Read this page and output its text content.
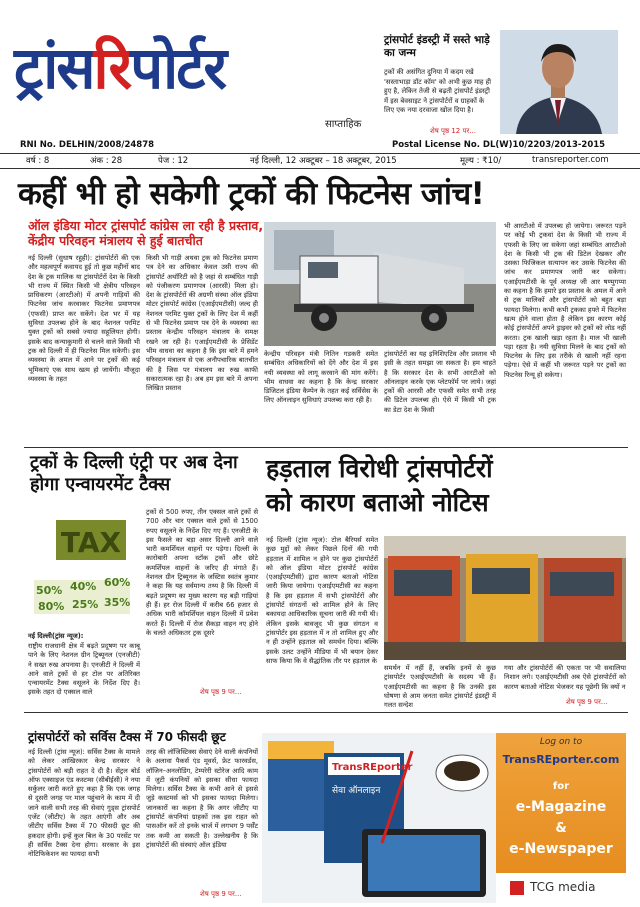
ट्रांसरिपोर्टर
साप्ताहिक
ट्रांसपोर्ट इंडस्ट्री में सस्ते भाड़े का जन्म
ट्रकों की असंगित दुनिया में कदम रखे 'सस्ताभाड़ा डॉट कॉम' को अभी कुछ माह ही हुए है, लेकिन तेजी से बढ़ती ट्रांसपोर्ट इंडस्ट्री में इस बेवसाइट ने ट्रांसपोर्टरों व ग्राहकों के लिए एक नया दरवाजा खोल दिया है।
शेष पृष्ठ 12 पर...
RNI No. DELHIN/2008/24878	Postal License No. DL(W)10/2203/2013-2015
वर्ष : 8	अंक : 28	पेज : 12	नई दिल्ली, 12 अक्टूबर – 18 अक्टूबर, 2015	मूल्य : ₹10/	transreporter.com
कहीं भी हो सकेगी ट्रकों की फिटनेस जांच!
ऑल इंडिया मोटर ट्रांसपोर्ट कांग्रेस ला रही है प्रस्ताव, केंद्रीय परिवहन मंत्रालय से हुई बातचीत
नई दिल्ली (सुधाष रहुही): ट्रांसपोर्टरों की एक और महत्वपूर्ण कवायद हुई तो कुछ महीनों बाद देश के ट्रक मालिक या ट्रांसपोर्टरों देश के किसी भी राज्य में स्थित किसी भी क्षेत्रीय परिवहन प्राधिकरण (आरटीओ) में अपनी गाड़ियों की फिटनेस जांच करवाकर फिटनेस प्रमाणपत्र (एफसी) प्राप्त कर सकेंगे। देश भर में यह सुविधा उपलब्ध होने के बाद नेशनल परमिट युक्त ट्रकों को सबसे ज्यादा सहूलियत होगी। इसके बाद कन्याकुमारी से चलने वाले किसी भी ट्रक को दिल्ली में ही फिटनेस मिल सकेगी। इस व्यवस्था के अमल में आने पर ट्रकों की कई भूमिकाएं एक साथ खत्म हो जायेंगी। मौजूदा व्यवस्था के तहत
किसी भी गाड़ी अथवा ट्रक को फिटनेस प्रमाण पत्र देने का अधिकार केवल उसी राज्य की ट्रांसपोर्ट अथॉरिटी को है जहां से सम्बंधित गाड़ी को पंजीकरण प्रमाणपत्र (आरसी) मिला हो। देश के ट्रांसपोर्टरों की अग्रणी संस्था ऑल इंडिया मोटर ट्रांसपोर्ट कांग्रेस (एआईएमटीसी) जल्द ही नेशनल परमिट युक्त ट्रकों के लिए देश में कहीं से भी फिटनेस प्रमाण पत्र देने के व्यवस्था का प्रस्ताव केन्द्रीय परिवहन मंत्रालय के समक्ष रखने जा रही है। एआईएमटीसी के प्रेसिडेंट भीम वाधवा का कहना है कि इस बारे में हमने परिवहन मंत्रालय से एक अनौपचारिक बातचीत की है जिस पर मंत्रालय का रुख काफी सकारात्मक रहा है। अब हम इस बारे में अपना लिखित प्रस्ताव
केन्द्रीय परिवहन मंत्री नितिन गडकरी समेत सम्बंधित अधिकारियों को देंगे और देश में इस नयी व्यवस्था को लागू करवाने की मांग करेंगे। भीम वाधवा का कहना है कि केन्द्र सरकार डिजिटल इंडिया कैम्पेन के तहत कई सर्विसेस के लिए ऑनलाइन सुविधाएं उपलब्ध करा रही है।
ट्रांसपोर्टरों का यह इनिशिएटिव और प्रस्ताव भी इसी के तहत समझा जा सकता है। हम चाहते है कि सरकार देश के सभी आरटीओ को ऑनलाइन करके एक प्लेटफॉर्म पर लाये। जहां ट्रकों की आरसी और एफसी समेत सभी तरह की डिटेल उपलब्ध हो। ऐसे में किसी भी ट्रक का डेटा देश के किसी
भी आरटीओ में उपलब्ध हो जायेगा। जरूरत पड़ने पर कोई भी ट्रकवां देश के किसी भी राज्य में एफसी के लिए जा सकेगा जहां सम्बंधित आरटीओ देश के किसी भी ट्रक की डिटेल देखकर और उसका फिजिकल सत्यापन कर उसके फिटनेस की जांच कर प्रमाणपत्र जारी कर सकेगा। एआईएमटीसी के पूर्व अध्यक्ष जी आर षण्मुगप्पा का कहना है कि हमारे इस प्रस्ताव के अमल में आने से ट्रक मालिकों और ट्रांसपोर्टरों को बहुत बड़ा फायदा मिलेगा। कभी कभी ट्रकका हफ्ते में फिटनेस खत्म होने वाला होता है लेकिन इस कारण कोई कोई ट्रांसपोर्टरों अपने ड्राइवर को ट्रकों को लोड नहीं करता। ट्रक खाली खड़ा रहता है। माल भी खाली पड़ा रहता है। नयी सुविधा मिलने के बाद ट्रकों को फिटनेस के लिए इस तरीके से खाली नहीं रहना पड़ेगा। ऐसे में कहीं भी जरूरत पड़ने पर ट्रकों का फिटनेस रिन्यू हो सकेगा।
ट्रकों के दिल्ली एंट्री पर अब देना होगा एन्वायरमेंट टैक्स
TAX
50% 40% 60%
80% 25% 35%
ट्रकों से 500 रुपए, तीन एक्सल वाले ट्रकों से 700 और चार एक्सल वाले ट्रकों से 1500 रुपए वसूलने के निर्देश दिए गए हैं। एनजीटी के इस फैसले का बड़ा असर दिल्ली आने वाले भारी कमर्शियल वाहनों पर पड़ेगा। दिल्ली के कारोबारी अपना स्टॉक ट्रकों और छोटे कमर्शियल वाहनों के जरिए ही मंगाते हैं। नेशनल ग्रीन ट्रिब्यूनल के जस्टिस स्वतंत्र कुमार ने कहा कि यह सर्वमान्य तथ्य है कि दिल्ली में बढ़ते प्रदूषण का मुख्य कारण यह बड़ी गाड़ियां ही हैं। हर रोज दिल्ली में करीब 66 हजार से अधिक भारी कॉमर्शियल वाहन दिल्ली में प्रवेश करते हैं। दिल्ली में रोज सैकड़ा वाहन नए होने के चलते अधिकतर ट्रक दूसरे
नई दिल्ली(ट्रांस न्यूज):
राष्ट्रीय राजधानी क्षेत्र में बढ़ते प्रदूषण पर काबू पाने के लिए नेशनल ग्रीन ट्रिब्यूनल (एनजीटी) ने सख्त रुख अपनाया है। एनजीटी ने दिल्ली में आने वाले ट्रकों से हर टोल पर अतिरिक्त एन्वायरमेंट टैक्स वसूलने के निर्देश दिए है। इसके तहत दो एक्सल वाले	शेष पृष्ठ 9 पर...
हड़ताल विरोधी ट्रांसपोर्टरों
को कारण बताओ नोटिस
नई दिल्ली (ट्रांस न्यूज): टोल बैरियर्स समेत कुछ मुद्दों को लेकर पिछले दिनों की गयी हड़ताल में शामिल न होने पर कुछ ट्रांसपोर्टरों को ऑल इंडिया मोटर ट्रांसपोर्ट कांग्रेस (एआईएमटीसी) द्वारा कारण बताओ नोटिस जारी किया जायेगा। एआईएमटीसी का कहना है कि इस हड़ताल में सभी ट्रांसपोर्टरों और ट्रांसपोर्ट संगठनों को शामिल होने के लिए बकायदा आधिकारिक सूचना जारी की गयी थी। लेकिन इसके बावजूद भी कुछ संगठन व ट्रांसपोर्टर इस हड़ताल में न तो शामिल हुए और न ही उन्होंने हड़ताल को समर्थन दिया। बल्कि इसके उलट उन्होंने मीडिया में भी बयान देकर साफ किया कि वे सैद्धांतिक तौर पर हड़ताल के
समर्थन में नहीं हैं, जबकि इनमें से कुछ ट्रांसपोर्टर एआईएमटीसी के सदस्य भी हैं। एआईएमटीसी का कहना है कि उनकी इस घोषणा से आम जनता समेत ट्रांसपोर्ट इंडस्ट्री में गलत सन्देश
गया और ट्रांसपोर्टरों की एकता पर भी सवालिया निशान लगे। एआईएमटीसी अब ऐसे ट्रांसपोर्टरों को कारण बताओ नोटिस भेजकर यह पूछेगी कि क्यों न
शेष पृष्ठ 9 पर...
ट्रांसपोर्टरों को सर्विस टैक्स में 70 फीसदी छूट
नई दिल्ली (ट्रांस न्यूज): सर्विस टैक्स के मामले को लेकर आखिरकार केन्द्र सरकार ने ट्रांसपोर्टरों को बड़ी राहत दे दी है। सेंट्रल बोर्ड ऑफ एक्साइज एंड कस्टम्स (सीबीईसी) ने नया सर्कुलर जारी करते हुए कहा है कि एक जगह से दूसरी जगह पर माल पहुंचाने के काम में दी जाने वाली सभी तरह की सेवाएं गुड्स ट्रांसपोर्ट एजेंट (जीटीए) के तहत आएंगी और अब जीटीए सर्विस टैक्स में 70 फीसदी छूट की हकदार होगी। इन्हें कुल बिल के 30 परसेंट पर ही सर्विस टैक्स देना होगा। सरकार के इस नोटिफिकेशन का फायदा सभी
तरह की लॉजिस्टिक्स सेवाएं देने वाली कंपनियों के अलावा पैकर्स एंड मूवर्स, फ्रेट फारवर्डस, लॉजिन–अनलोडिंग, टेम्परेरी स्टोरेज आदि काम में जुटी कंपनियों को इसका सीधा फायदा मिलेगा। सर्विस टैक्स के कभी आने से इससे जुड़े कस्टमर्स को भी इसका फायदा मिलेगा। जानकारों का कहना है कि अगर जीटीए या ट्रांसपोर्ट कंपनियां ग्राहकों तक इस राहत को पास‌ऑन करें तो इनके चार्ज में लगभग 9 पर्सेंट तक कमी आ सकती है। उल्लेखनीय है कि ट्रांसपोर्टरों की संस्थाएं ऑल इंडिया
शेष पृष्ठ 9 पर...
TransREporter
सेवा ऑनलाइन
Log on to
TransREporter.com
for
e-Magazine
&
e-Newspaper
TCG media
